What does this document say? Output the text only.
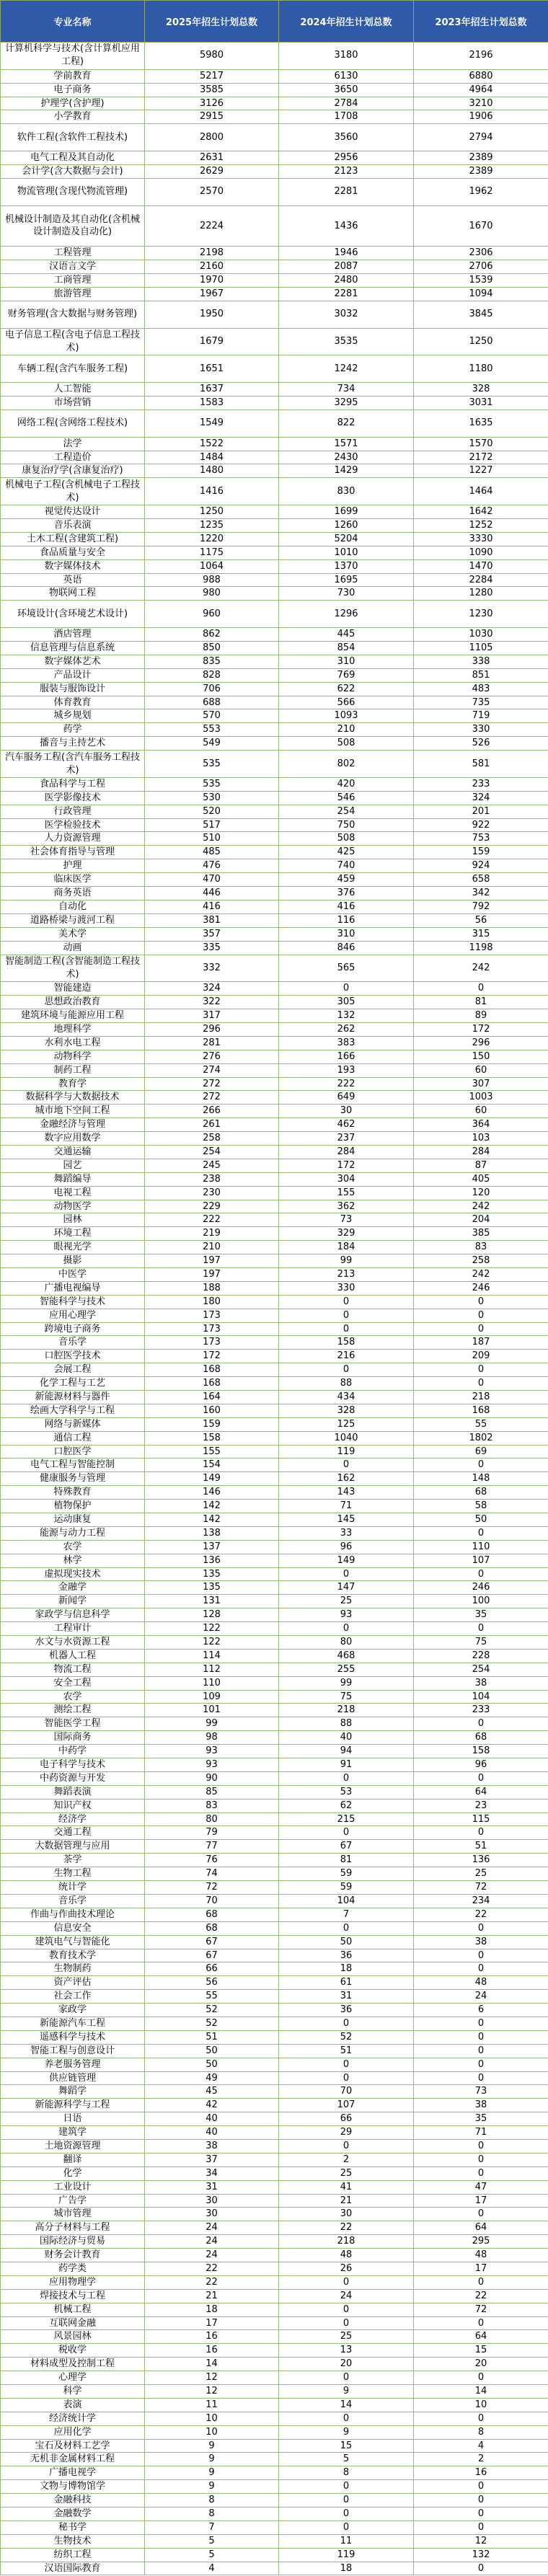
专业名称	2025年招生计划总数	2024年招生计划总数	2023年招生计划总数
计算机科学与技术(含计算机应用工程)	5980	3180	2196
学前教育	5217	6130	6880
电子商务	3585	3650	4964
护理学(含护理)	3126	2784	3210
小学教育	2915	1708	1906
软件工程(含软件工程技术)	2800	3560	2794
电气工程及其自动化	2631	2956	2389
会计学(含大数据与会计)	2629	2123	2389
物流管理(含现代物流管理)	2570	2281	1962
机械设计制造及其自动化(含机械设计制造及自动化)	2224	1436	1670
工程管理	2198	1946	2306
汉语言文学	2160	2087	2706
工商管理	1970	2480	1539
旅游管理	1967	2281	1094
财务管理(含大数据与财务管理)	1950	3032	3845
电子信息工程(含电子信息工程技术)	1679	3535	1250
车辆工程(含汽车服务工程)	1651	1242	1180
人工智能	1637	734	328
市场营销	1583	3295	3031
网络工程(含网络工程技术)	1549	822	1635
法学	1522	1571	1570
工程造价	1484	2430	2172
康复治疗学(含康复治疗)	1480	1429	1227
机械电子工程(含机械电子工程技术)	1416	830	1464
视觉传达设计	1250	1699	1642
音乐表演	1235	1260	1252
土木工程(含建筑工程)	1220	5204	3330
食品质量与安全	1175	1010	1090
数字媒体技术	1064	1370	1470
英语	988	1695	2284
物联网工程	980	730	1280
环境设计(含环境艺术设计)	960	1296	1230
酒店管理	862	445	1030
信息管理与信息系统	850	854	1105
数字媒体艺术	835	310	338
产品设计	828	769	851
服装与服饰设计	706	622	483
体育教育	688	566	735
城乡规划	570	1093	719
药学	553	210	330
播音与主持艺术	549	508	526
汽车服务工程(含汽车服务工程技术)	535	802	581
食品科学与工程	535	420	233
医学影像技术	530	546	324
行政管理	520	254	201
医学检验技术	517	750	922
人力资源管理	510	508	753
社会体育指导与管理	485	425	159
护理	476	740	924
临床医学	470	459	658
商务英语	446	376	342
自动化	416	416	792
道路桥梁与渡河工程	381	116	56
美术学	357	310	315
动画	335	846	1198
智能制造工程(含智能制造工程技术)	332	565	242
智能建造	324	0	0
思想政治教育	322	305	81
建筑环境与能源应用工程	317	132	89
地理科学	296	262	172
水利水电工程	281	383	296
动物科学	276	166	150
制药工程	274	193	60
教育学	272	222	307
数据科学与大数据技术	272	649	1003
城市地下空间工程	266	30	60
金融经济与管理	261	462	364
数字应用数学	258	237	103
交通运输	254	284	284
园艺	245	172	87
舞蹈编导	238	304	405
电视工程	230	155	120
动物医学	229	362	242
园林	222	73	204
环境工程	219	329	385
眼视光学	210	184	83
摄影	197	99	258
中医学	197	213	242
广播电视编导	188	330	246
智能科学与技术	180	0	0
应用心理学	173	0	0
跨境电子商务	173	0	0
音乐学	173	158	187
口腔医学技术	172	216	209
会展工程	168	0	0
化学工程与工艺	168	88	0
新能源材料与器件	164	434	218
绘画大学科学与工程	160	328	168
网络与新媒体	159	125	55
通信工程	158	1040	1802
口腔医学	155	119	69
电气工程与智能控制	154	0	0
健康服务与管理	149	162	148
特殊教育	146	143	68
植物保护	142	71	58
运动康复	142	145	50
能源与动力工程	138	33	0
农学	137	96	110
林学	136	149	107
虚拟现实技术	135	0	0
金融学	135	147	246
新闻学	131	25	100
家政学与信息科学	128	93	35
工程审计	122	0	0
水文与水资源工程	122	80	75
机器人工程	114	468	228
物流工程	112	255	254
安全工程	110	99	38
农学	109	75	104
测绘工程	101	218	233
智能医学工程	99	88	0
国际商务	98	40	68
中药学	93	94	158
电子科学与技术	93	91	96
中药资源与开发	90	0	0
舞蹈表演	85	53	64
知识产权	83	62	23
经济学	80	215	115
交通工程	79	0	0
大数据管理与应用	77	67	51
茶学	76	81	136
生物工程	74	59	25
统计学	72	59	72
音乐学	70	104	234
作曲与作曲技术理论	68	7	22
信息安全	68	0	0
建筑电气与智能化	67	50	38
教育技术学	67	36	0
生物制药	66	18	0
资产评估	56	61	48
社会工作	55	31	24
家政学	52	36	6
新能源汽车工程	52	0	0
遥感科学与技术	51	52	0
智能工程与创意设计	50	51	0
养老服务管理	50	0	0
供应链管理	49	0	0
舞蹈学	45	70	73
新能源科学与工程	42	107	38
日语	40	66	35
建筑学	40	29	71
土地资源管理	38	0	0
翻译	37	2	0
化学	34	25	0
工业设计	31	41	47
广告学	30	21	17
城市管理	30	30	0
高分子材料与工程	24	22	64
国际经济与贸易	24	218	295
财务会计教育	24	48	48
药学类	22	26	17
应用物理学	22	0	0
焊接技术与工程	21	24	22
机械工程	18	0	72
互联网金融	17	0	0
风景园林	16	25	64
税收学	16	13	15
材料成型及控制工程	14	20	20
心理学	12	0	0
科学	12	9	14
表演	11	14	10
经济统计学	10	0	0
应用化学	10	9	8
宝石及材料工艺学	9	15	4
无机非金属材料工程	9	5	2
广播电视学	9	8	16
文物与博物馆学	9	0	0
金融科技	8	0	0
金融数学	8	0	0
秘书学	7	0	0
生物技术	5	11	12
纺织工程	5	119	132
汉语国际教育	4	18	0
